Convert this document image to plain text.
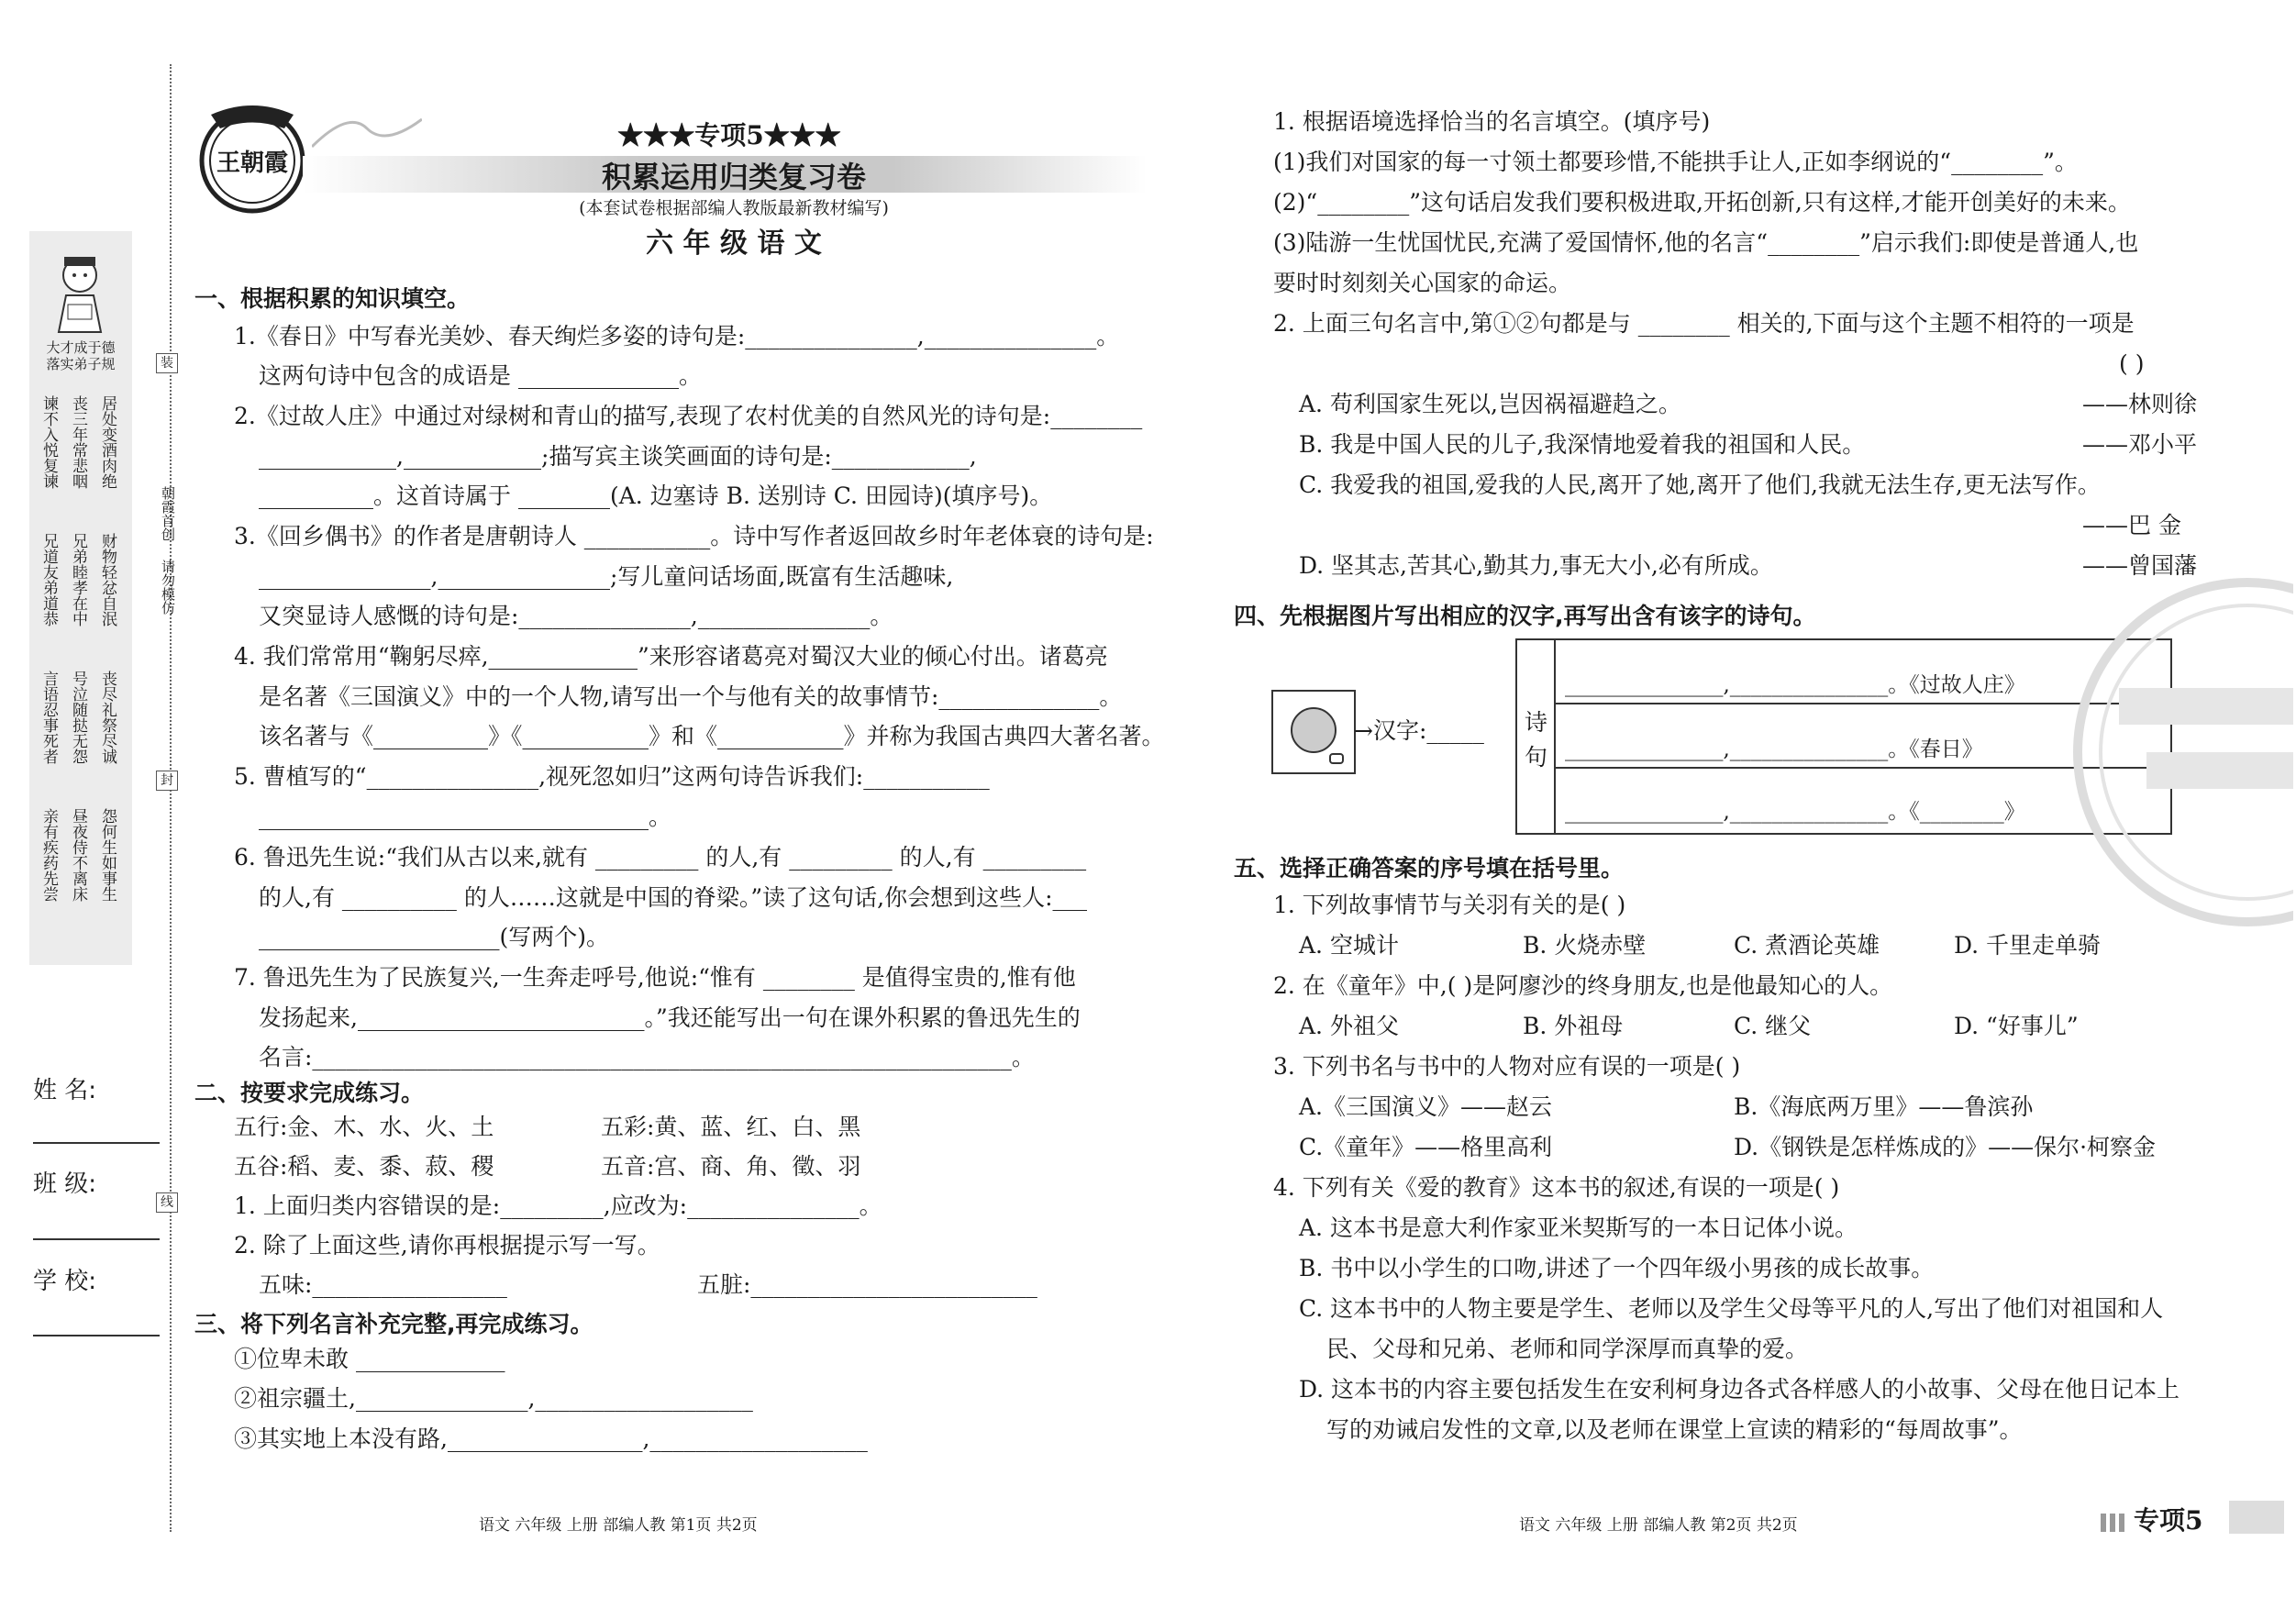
大才成于德
落实弟子规
谏不入悦复谏 丧三年常悲咽 居处变酒肉绝
兄道友弟道恭 兄弟睦孝在中 财物轻忿自泯
言语忍事死者 号泣随挞无怨 丧尽礼祭尽诚
亲有疾药先尝 昼夜侍不离床 怨何生如事生
装
朝霞首创
请勿模仿
封
线
姓 名:
班 级:
学 校:
王朝霞
★★★专项5★★★
积累运用归类复习卷
(本套试卷根据部编人教版最新教材编写)
六 年 级 语 文
一、根据积累的知识填空。
1.《春日》中写春光美妙、春天绚烂多姿的诗句是:_______________,_______________。
这两句诗中包含的成语是 ______________。
2.《过故人庄》中通过对绿树和青山的描写,表现了农村优美的自然风光的诗句是:________
____________,____________;描写宾主谈笑画面的诗句是:____________,
__________。这首诗属于 ________(A. 边塞诗 B. 送别诗 C. 田园诗)(填序号)。
3.《回乡偶书》的作者是唐朝诗人 ___________。诗中写作者返回故乡时年老体衰的诗句是:
_______________,_______________;写儿童问话场面,既富有生活趣味,
又突显诗人感慨的诗句是:_______________,_______________。
4. 我们常常用“鞠躬尽瘁,_____________”来形容诸葛亮对蜀汉大业的倾心付出。诸葛亮
是名著《三国演义》中的一个人物,请写出一个与他有关的故事情节:______________。
该名著与《__________》《___________》和《___________》并称为我国古典四大著名著。
5. 曹植写的“_______________,视死忽如归”这两句诗告诉我们:___________
__________________________________。
6. 鲁迅先生说:“我们从古以来,就有 _________ 的人,有 _________ 的人,有 _________
的人,有 __________ 的人……这就是中国的脊梁。”读了这句话,你会想到这些人:___
_____________________(写两个)。
7. 鲁迅先生为了民族复兴,一生奔走呼号,他说:“惟有 ________ 是值得宝贵的,惟有他
发扬起来,_________________________。”我还能写出一句在课外积累的鲁迅先生的
名言:_____________________________________________________________。
二、按要求完成练习。
五行:金、木、水、火、土	五彩:黄、蓝、红、白、黑
五谷:稻、麦、黍、菽、稷	五音:宫、商、角、徵、羽
1. 上面归类内容错误的是:_________,应改为:_______________。
2. 除了上面这些,请你再根据提示写一写。
五味:_________________	五脏:_________________________
三、将下列名言补充完整,再完成练习。
①位卑未敢 _____________
②祖宗疆土,_______________,___________________
③其实地上本没有路,_________________,___________________
语文 六年级 上册 部编人教 第1页 共2页
1. 根据语境选择恰当的名言填空。(填序号)
(1)我们对国家的每一寸领土都要珍惜,不能拱手让人,正如李纲说的“________”。
(2)“________”这句话启发我们要积极进取,开拓创新,只有这样,才能开创美好的未来。
(3)陆游一生忧国忧民,充满了爱国情怀,他的名言“________”启示我们:即使是普通人,也
要时时刻刻关心国家的命运。
2. 上面三句名言中,第①②句都是与 ________ 相关的,下面与这个主题不相符的一项是
( )
A. 苟利国家生死以,岂因祸福避趋之。	——林则徐
B. 我是中国人民的儿子,我深情地爱着我的祖国和人民。	——邓小平
C. 我爱我的祖国,爱我的人民,离开了她,离开了他们,我就无法生存,更无法写作。
——巴 金
D. 坚其志,苦其心,勤其力,事无大小,必有所成。	——曾国藩
四、先根据图片写出相应的汉字,再写出含有该字的诗句。
→汉字:_____ 诗
句
_______________,_______________。《过故人庄》
_______________,_______________。《春日》
_______________,_______________。《________》
五、选择正确答案的序号填在括号里。
1. 下列故事情节与关羽有关的是( )
A. 空城计	B. 火烧赤壁	C. 煮酒论英雄	D. 千里走单骑
2. 在《童年》中,( )是阿廖沙的终身朋友,也是他最知心的人。
A. 外祖父	B. 外祖母	C. 继父	D. “好事儿”
3. 下列书名与书中的人物对应有误的一项是( )
A.《三国演义》——赵云	B.《海底两万里》——鲁滨孙
C.《童年》——格里高利	D.《钢铁是怎样炼成的》——保尔·柯察金
4. 下列有关《爱的教育》这本书的叙述,有误的一项是( )
A. 这本书是意大利作家亚米契斯写的一本日记体小说。
B. 书中以小学生的口吻,讲述了一个四年级小男孩的成长故事。
C. 这本书中的人物主要是学生、老师以及学生父母等平凡的人,写出了他们对祖国和人
民、父母和兄弟、老师和同学深厚而真挚的爱。
D. 这本书的内容主要包括发生在安利柯身边各式各样感人的小故事、父母在他日记本上
写的劝诫启发性的文章,以及老师在课堂上宣读的精彩的“每周故事”。
语文 六年级 上册 部编人教 第2页 共2页	专项5
